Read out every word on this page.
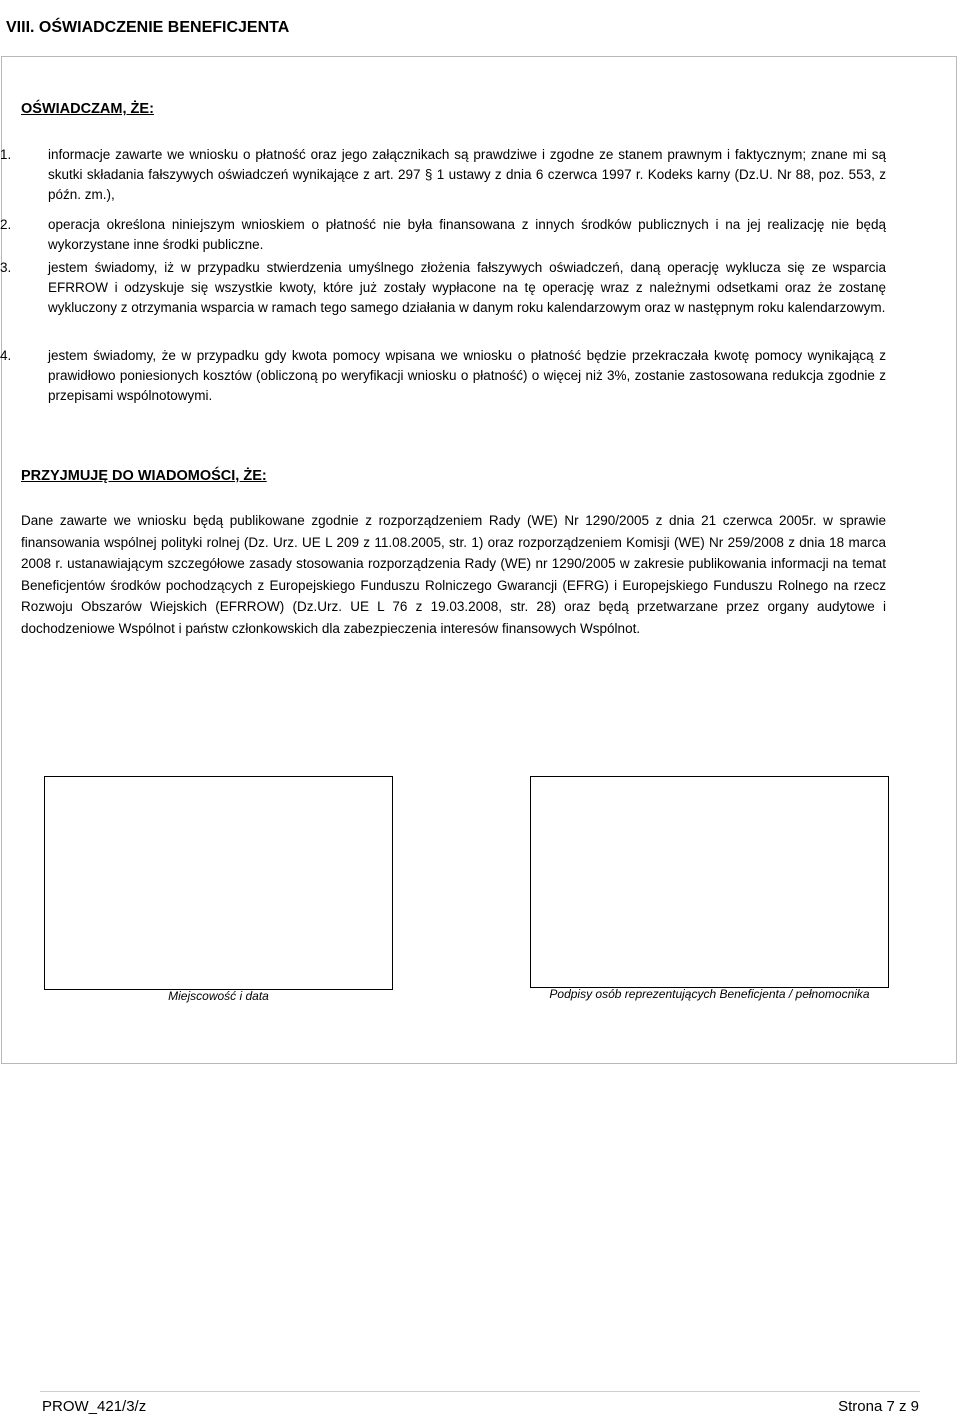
VIII. OŚWIADCZENIE BENEFICJENTA
OŚWIADCZAM, ŻE:
1.	informacje zawarte we wniosku o płatność oraz jego załącznikach są prawdziwe i zgodne ze stanem prawnym i faktycznym; znane mi są skutki składania fałszywych oświadczeń wynikające z art. 297 § 1 ustawy z dnia 6 czerwca 1997 r. Kodeks karny (Dz.U. Nr 88, poz. 553, z późn. zm.),
2.	operacja określona niniejszym wnioskiem o płatność nie była finansowana z innych środków publicznych i na jej realizację nie będą wykorzystane inne środki publiczne.
3.	jestem świadomy, iż w przypadku stwierdzenia umyślnego złożenia fałszywych oświadczeń, daną operację wyklucza się ze wsparcia EFRROW i odzyskuje się wszystkie kwoty, które już zostały wypłacone na tę operację wraz z należnymi odsetkami oraz że zostanę wykluczony z otrzymania wsparcia w ramach tego samego działania w danym roku kalendarzowym oraz w następnym roku kalendarzowym.
4.	jestem świadomy, że w przypadku gdy kwota pomocy wpisana we wniosku o płatność będzie przekraczała kwotę pomocy wynikającą z prawidłowo poniesionych kosztów (obliczoną po weryfikacji wniosku o płatność) o więcej niż 3%, zostanie zastosowana redukcja zgodnie z przepisami wspólnotowymi.
PRZYJMUJĘ DO WIADOMOŚCI, ŻE:
Dane zawarte we wniosku będą publikowane zgodnie z rozporządzeniem Rady (WE) Nr 1290/2005 z dnia 21 czerwca 2005r. w sprawie finansowania wspólnej polityki rolnej (Dz. Urz. UE L 209 z 11.08.2005, str. 1) oraz rozporządzeniem Komisji (WE) Nr 259/2008 z dnia 18 marca 2008 r. ustanawiającym szczegółowe zasady stosowania rozporządzenia Rady (WE) nr 1290/2005 w zakresie publikowania informacji na temat Beneficjentów środków pochodzących z Europejskiego Funduszu Rolniczego Gwarancji (EFRG) i Europejskiego Funduszu Rolnego na rzecz Rozwoju Obszarów Wiejskich (EFRROW) (Dz.Urz. UE L 76 z 19.03.2008, str. 28) oraz będą przetwarzane przez organy audytowe i dochodzeniowe Wspólnot i państw członkowskich dla zabezpieczenia interesów finansowych Wspólnot.
Miejscowość i data	Podpisy osób reprezentujących Beneficjenta / pełnomocnika
PROW_421/3/z	Strona 7 z 9
